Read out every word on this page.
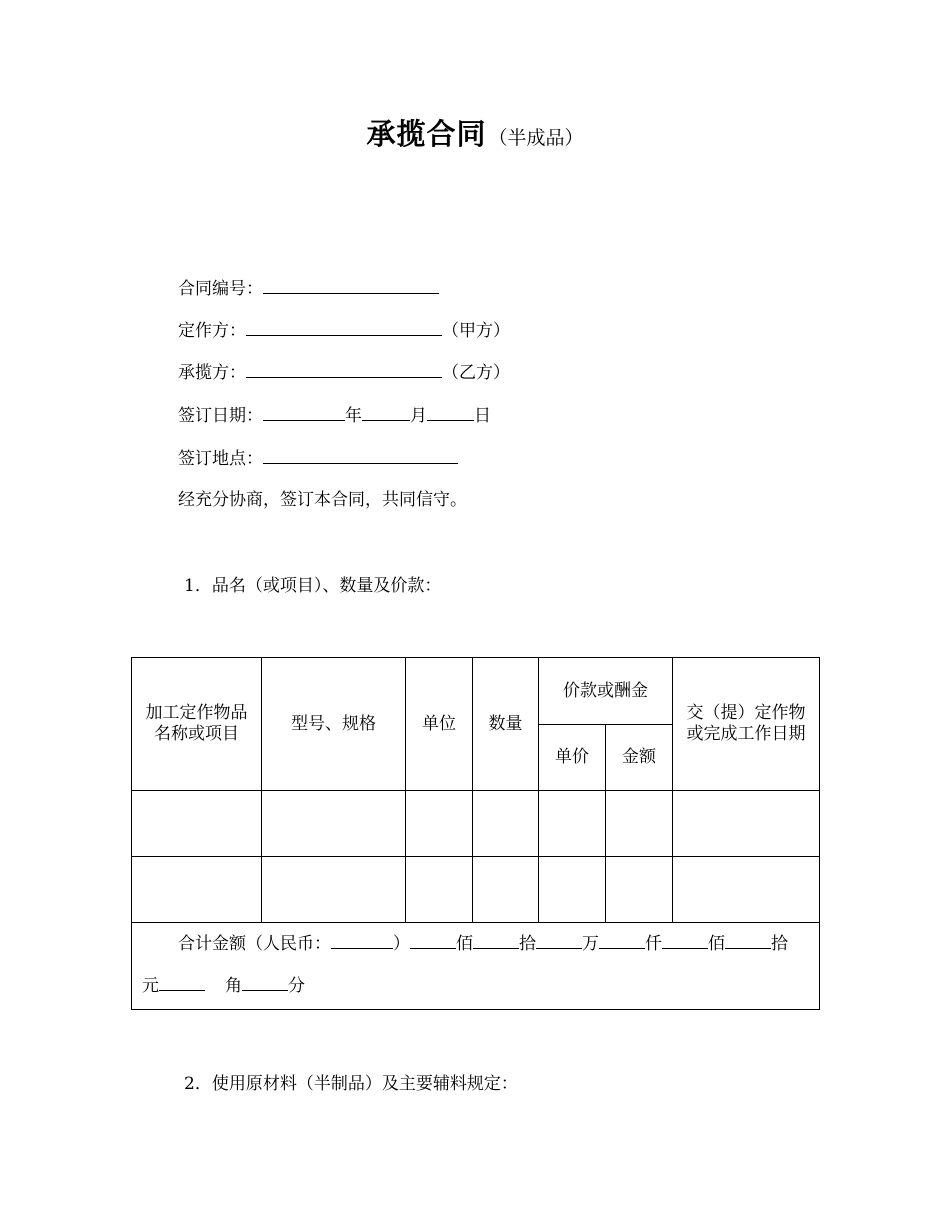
承揽合同 （半成品）
合同编号：
定作方：	（甲方）
承揽方：	（乙方）
签订日期：	年	月	日
签订地点：
经充分协商，签订本合同，共同信守。
1．品名（或项目）、数量及价款：
加工定作物品名称或项目	型号、规格	单位	数量	价款或酬金		交（提）定作物或完成工作日期
				单价	金额	

合计金额（人民币： ） 佰 拾 万 仟 佰 拾
元 角 分						
2．使用原材料（半制品）及主要辅料规定：
